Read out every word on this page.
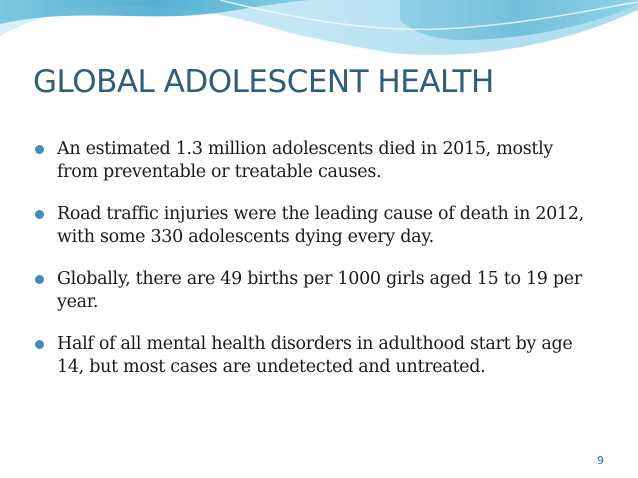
GLOBAL ADOLESCENT HEALTH
An estimated 1.3 million adolescents died in 2015, mostly from preventable or treatable causes.
Road traffic injuries were the leading cause of death in 2012, with some 330 adolescents dying every day.
Globally, there are 49 births per 1000 girls aged 15 to 19 per year.
Half of all mental health disorders in adulthood start by age 14, but most cases are undetected and untreated.
9
